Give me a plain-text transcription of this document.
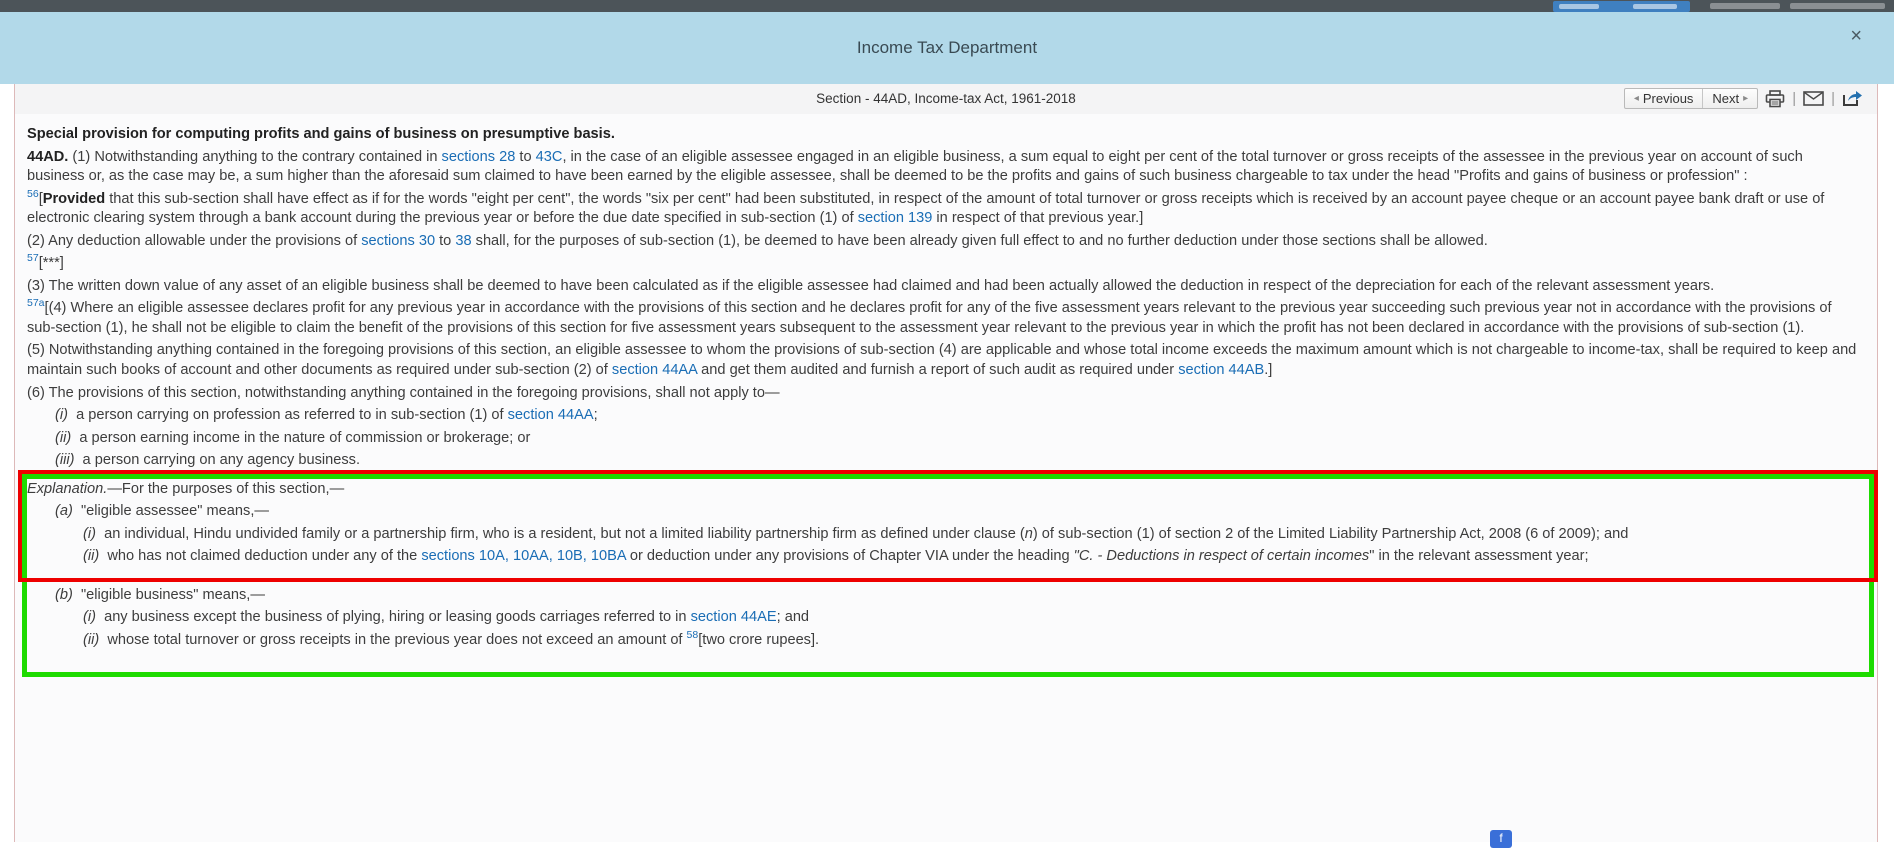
Income Tax Department
×
Section - 44AD, Income-tax Act, 1961-2018	◂ Previous Next ▸	| |
Special provision for computing profits and gains of business on presumptive basis.
44AD. (1) Notwithstanding anything to the contrary contained in sections 28 to 43C, in the case of an eligible assessee engaged in an eligible business, a sum equal to eight per cent of the total turnover or gross receipts of the assessee in the previous year on account of such business or, as the case may be, a sum higher than the aforesaid sum claimed to have been earned by the eligible assessee, shall be deemed to be the profits and gains of such business chargeable to tax under the head "Profits and gains of business or profession" :
$^{56}$[Provided that this sub-section shall have effect as if for the words "eight per cent", the words "six per cent" had been substituted, in respect of the amount of total turnover or gross receipts which is received by an account payee cheque or an account payee bank draft or use of electronic clearing system through a bank account during the previous year or before the due date specified in sub-section (1) of section 139 in respect of that previous year.]
(2) Any deduction allowable under the provisions of sections 30 to 38 shall, for the purposes of sub-section (1), be deemed to have been already given full effect to and no further deduction under those sections shall be allowed.
$^{57}$[***]
(3) The written down value of any asset of an eligible business shall be deemed to have been calculated as if the eligible assessee had claimed and had been actually allowed the deduction in respect of the depreciation for each of the relevant assessment years.
$^{57a}$[(4) Where an eligible assessee declares profit for any previous year in accordance with the provisions of this section and he declares profit for any of the five assessment years relevant to the previous year succeeding such previous year not in accordance with the provisions of sub-section (1), he shall not be eligible to claim the benefit of the provisions of this section for five assessment years subsequent to the assessment year relevant to the previous year in which the profit has not been declared in accordance with the provisions of sub-section (1).
(5) Notwithstanding anything contained in the foregoing provisions of this section, an eligible assessee to whom the provisions of sub-section (4) are applicable and whose total income exceeds the maximum amount which is not chargeable to income-tax, shall be required to keep and maintain such books of account and other documents as required under sub-section (2) of section 44AA and get them audited and furnish a report of such audit as required under section 44AB.]
(6) The provisions of this section, notwithstanding anything contained in the foregoing provisions, shall not apply to—
(i)  a person carrying on profession as referred to in sub-section (1) of section 44AA;
(ii)  a person earning income in the nature of commission or brokerage; or
(iii)  a person carrying on any agency business.
Explanation.—For the purposes of this section,—
(a)  "eligible assessee" means,—
(i)  an individual, Hindu undivided family or a partnership firm, who is a resident, but not a limited liability partnership firm as defined under clause (n) of sub-section (1) of section 2 of the Limited Liability Partnership Act, 2008 (6 of 2009); and
(ii)  who has not claimed deduction under any of the sections 10A, 10AA, 10B, 10BA or deduction under any provisions of Chapter VIA under the heading "C. - Deductions in respect of certain incomes" in the relevant assessment year;
(b)  "eligible business" means,—
(i)  any business except the business of plying, hiring or leasing goods carriages referred to in section 44AE; and
(ii)  whose total turnover or gross receipts in the previous year does not exceed an amount of $^{58}$[two crore rupees].
f
